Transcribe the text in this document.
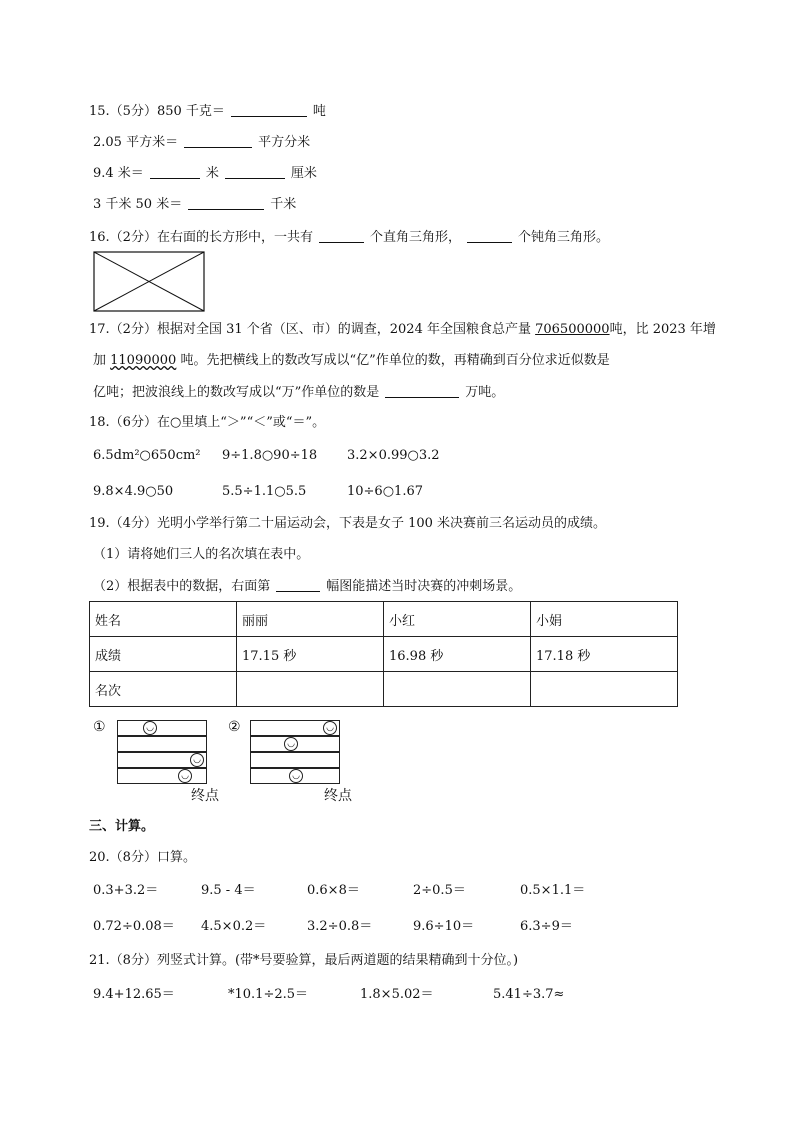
15.（5分）850 千克＝	吨
2.05 平方米＝	平方分米
9.4 米＝	米	厘米
3 千米 50 米＝	千米
16.（2分）在右面的长方形中，一共有	个直角三角形，	个钝角三角形。
17.（2分）根据对全国 31 个省（区、市）的调查，2024 年全国粮食总产量 706500000吨，比 2023 年增
加 11090000 吨。先把横线上的数改写成以“亿”作单位的数，再精确到百分位求近似数是
亿吨；把波浪线上的数改写成以“万”作单位的数是	万吨。
18.（6分）在○里填上“＞”“＜”或“＝”。
6.5dm²○650cm² 9÷1.8○90÷18 3.2×0.99○3.2
9.8×4.9○50	5.5÷1.1○5.5	10÷6○1.67
19.（4分）光明小学举行第二十届运动会，下表是女子 100 米决赛前三名运动员的成绩。
（1）请将她们三人的名次填在表中。
（2）根据表中的数据，右面第	幅图能描述当时决赛的冲刺场景。
姓名	丽丽	小红	小娟
成绩	17.15 秒	16.98 秒	17.18 秒
名次			
①	◡
◡
◡
终点
②	◡
◡
◡
终点
三、计算。
20.（8分）口算。
0.3+3.2＝	9.5 - 4＝	0.6×8＝	2÷0.5＝	0.5×1.1＝
0.72÷0.08＝ 4.5×0.2＝	3.2÷0.8＝	9.6÷10＝	6.3÷9＝
21.（8分）列竖式计算。(带*号要验算，最后两道题的结果精确到十分位。)
9.4+12.65＝	*10.1÷2.5＝	1.8×5.02＝	5.41÷3.7≈
